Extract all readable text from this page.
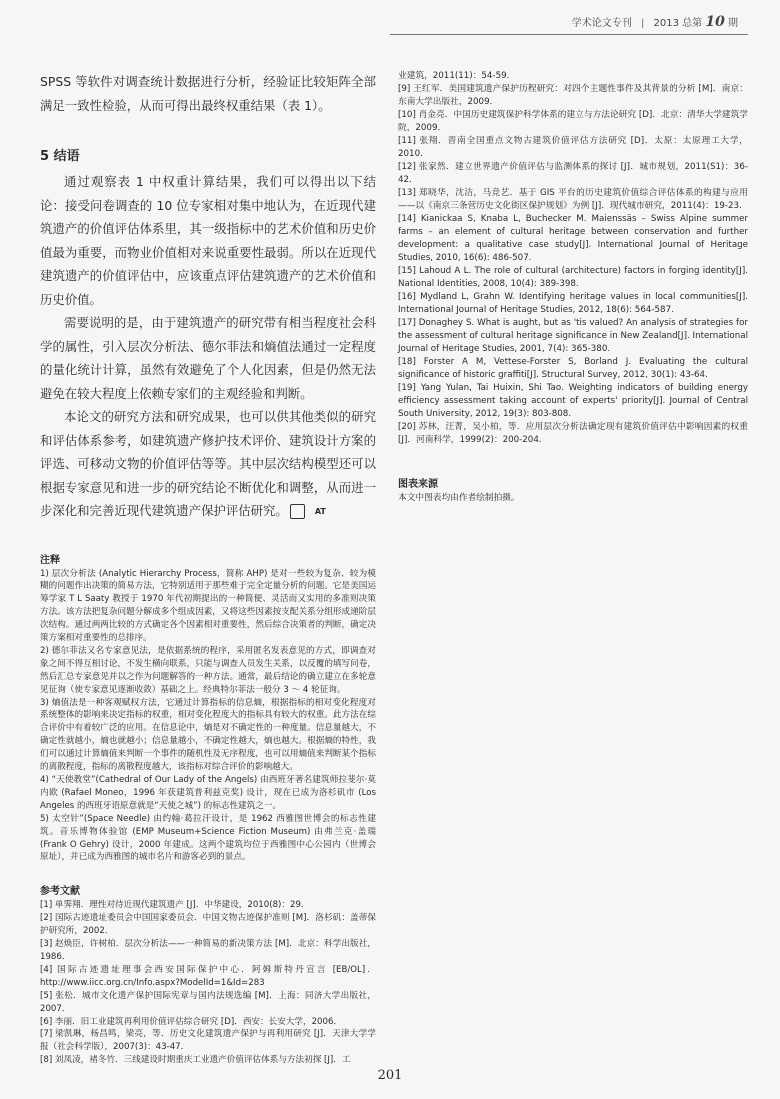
学术论文专刊 | 2013 总第 10 期

SPSS 等软件对调查统计数据进行分析，经验证比较矩阵全部满足一致性检验，从而可得出最终权重结果（表 1）。

5 结语

通过观察表 1 中权重计算结果，我们可以得出以下结论：接受问卷调查的 10 位专家相对集中地认为，在近现代建筑遗产的价值评估体系里，其一级指标中的艺术价值和历史价值最为重要，而物业价值相对来说重要性最弱。所以在近现代建筑遗产的价值评估中，应该重点评估建筑遗产的艺术价值和历史价值。

需要说明的是，由于建筑遗产的研究带有相当程度社会科学的属性，引入层次分析法、德尔菲法和熵值法通过一定程度的量化统计计算，虽然有效避免了个人化因素，但是仍然无法避免在较大程度上依赖专家们的主观经验和判断。

本论文的研究方法和研究成果，也可以供其他类似的研究和评估体系参考，如建筑遗产修护技术评价、建筑设计方案的评选、可移动文物的价值评估等等。其中层次结构模型还可以根据专家意见和进一步的研究结论不断优化和调整，从而进一步深化和完善近现代建筑遗产保护评估研究。	AT

注释
1) 层次分析法 (Analytic Hierarchy Process，简称 AHP) 是对一些较为复杂、较为模糊的问题作出决策的简易方法，它特别适用于那些难于完全定量分析的问题。它是美国运筹学家 T L Saaty 教授于 1970 年代初期提出的一种简便、灵活而又实用的多准则决策方法。该方法把复杂问题分解成多个组成因素，又将这些因素按支配关系分组形成递阶层次结构。通过两两比较的方式确定各个因素相对重要性，然后综合决策者的判断，确定决策方案相对重要性的总排序。
2) 德尔菲法又名专家意见法，是依据系统的程序，采用匿名发表意见的方式，即调查对象之间不得互相讨论，不发生横向联系，只能与调查人员发生关系，以反覆的填写问卷，然后汇总专家意见并以之作为问题解答的一种方法。通常，最后结论的确立建立在多轮意见征询（使专家意见逐渐收敛）基础之上。经典特尔菲法一般分 3 ～ 4 轮征询。
3) 熵值法是一种客观赋权方法，它通过计算指标的信息熵，根据指标的相对变化程度对系统整体的影响来决定指标的权重，相对变化程度大的指标具有较大的权重。此方法在综合评价中有着较广泛的应用。在信息论中，熵是对不确定性的一种度量。信息量越大，不确定性就越小，熵也就越小；信息量越小，不确定性越大，熵也越大。根据熵的特性，我们可以通过计算熵值来判断一个事件的随机性及无序程度，也可以用熵值来判断某个指标的离散程度，指标的离散程度越大，该指标对综合评价的影响越大。
4) “天使教堂”(Cathedral of Our Lady of the Angels) 由西班牙著名建筑师拉斐尔·莫内欧 (Rafael Moneo，1996 年获建筑普利兹克奖) 设计，现在已成为洛杉矶市 (Los Angeles 的西班牙语原意就是“天使之城”) 的标志性建筑之一。
5) 太空针”(Space Needle) 由约翰·葛拉汗设计，是 1962 西雅图世博会的标志性建筑。音乐博物体验馆 (EMP Museum+Science Fiction Museum) 由弗兰克·盖瑞 (Frank O Gehry) 设计，2000 年建成。这两个建筑均位于西雅图中心公园内（世博会原址），并已成为西雅图的城市名片和游客必到的景点。
参考文献
[1] 单霁翔．理性对待近现代建筑遗产 [J]．中华建设，2010(8)：29．
[2] 国际古迹遗址委员会中国国家委员会．中国文物古迹保护准则 [M]．洛杉矶：盖蒂保护研究所，2002．
[3] 赵焕臣，许树柏．层次分析法——一种简易的新决策方法 [M]．北京：科学出版社，1986．
[4] 国际古迹遗址理事会西安国际保护中心．阿姆斯特丹宣言 [EB/OL]．http://www.iicc.org.cn/Info.aspx?ModelId=1&Id=283
[5] 张松．城市文化遗产保护国际宪章与国内法规选编 [M]．上海：同济大学出版社，2007．
[6] 李丽．旧工业建筑再利用价值评估综合研究 [D]．西安：长安大学，2006．
[7] 梁凯琳，杨昌鸣，梁亮，等．历史文化建筑遗产保护与再利用研究 [J]．天津大学学报（社会科学版），2007(3)：43-47．
[8] 刘凤凌，褚冬竹．三线建设时期重庆工业遗产价值评估体系与方法初探 [J]．工
业建筑，2011(11)：54-59．
[9] 王红军．美国建筑遗产保护历程研究：对四个主题性事件及其背景的分析 [M]．南京：东南大学出版社，2009．
[10] 肖金亮．中国历史建筑保护科学体系的建立与方法论研究 [D]．北京：清华大学建筑学院，2009．
[11] 张翔．晋南全国重点文物古建筑价值评估方法研究 [D]．太原：太原理工大学，2010．
[12] 张家然．建立世界遗产价值评估与监测体系的探讨 [J]．城市规划，2011(S1)：36-42．
[13] 郑晓华，沈洁，马竞艺．基于 GIS 平台的历史建筑价值综合评估体系的构建与应用——以《南京三条营历史文化街区保护规划》为例 [J]．现代城市研究，2011(4)：19-23．
[14] Kianickaa S, Knaba L, Buchecker M. Maienssäs – Swiss Alpine summer farms – an element of cultural heritage between conservation and further development: a qualitative case study[J]. International Journal of Heritage Studies, 2010, 16(6): 486-507.
[15] Lahoud A L. The role of cultural (architecture) factors in forging identity[J]. National Identities, 2008, 10(4): 389-398.
[16] Mydland L, Grahn W. Identifying heritage values in local communities[J]. International Journal of Heritage Studies, 2012, 18(6): 564-587.
[17] Donaghey S. What is aught, but as 'tis valued? An analysis of strategies for the assessment of cultural heritage significance in New Zealand[J]. International Journal of Heritage Studies, 2001, 7(4): 365-380.
[18] Forster A M, Vettese-Forster S, Borland J. Evaluating the cultural significance of historic graffiti[J]. Structural Survey, 2012, 30(1): 43-64.
[19] Yang Yulan, Tai Huixin, Shi Tao. Weighting indicators of building energy efficiency assessment taking account of experts' priority[J]. Journal of Central South University, 2012, 19(3): 803-808.
[20] 苏林，汪菁，吴小柏，等．应用层次分析法确定现有建筑价值评估中影响因素的权重 [J]．河南科学，1999(2)：200-204．
图表来源

本文中图表均由作者绘制拍摄。

201
